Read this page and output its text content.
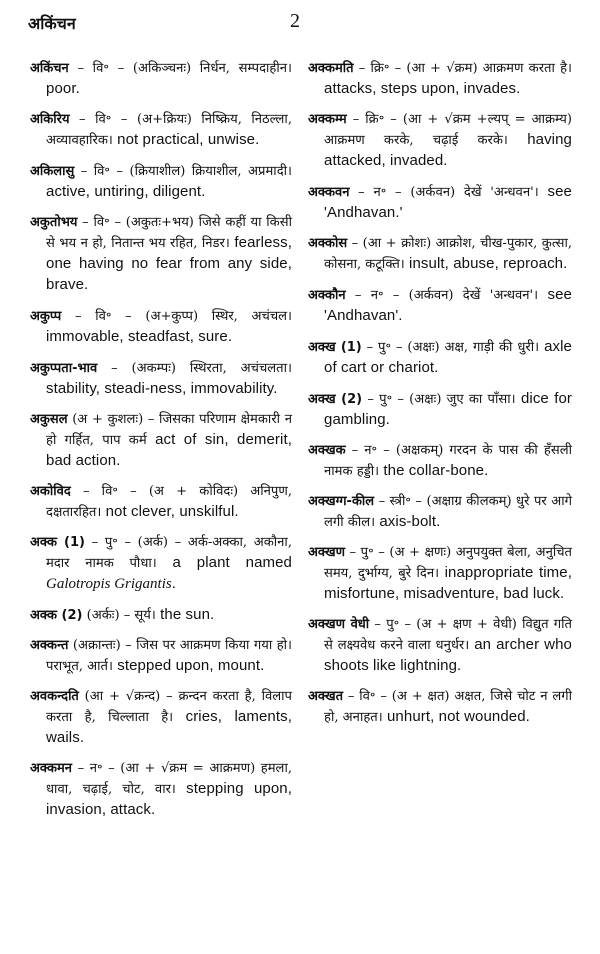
अकिंचन	2

अकिंचन – वि॰ – (अकिञ्चनः) निर्धन, सम्पदाहीन। poor.

अकिरिय – वि॰ – (अ+क्रियः) निष्क्रिय, निठल्ला, अव्यावहारिक। not practical, unwise.

अकिलासु – वि॰ – (क्रियाशील) क्रियाशील, अप्रमादी। active, untiring, diligent.

अकुतोभय – वि॰ – (अकुतः+भय) जिसे कहीं या किसी से भय न हो, नितान्त भय रहित, निडर। fearless, one having no fear from any side, brave.

अकुप्प – वि॰ – (अ+कुप्प) स्थिर, अचंचल। immovable, steadfast, sure.

अकुप्पता-भाव – (अकम्पः) स्थिरता, अचंचलता। stability, steadi-ness, immovability.

अकुसल (अ + कुशलः) – जिसका परिणाम क्षेमकारी न हो गर्हित, पाप कर्म act of sin, demerit, bad action.

अकोविद – वि॰ – (अ + कोविदः) अनिपुण, दक्षतारहित। not clever, unskilful.

अक्क (1) – पु॰ – (अर्क) – अर्क-अक्का, अकौना, मदार नामक पौधा। a plant named Galotropis Grigantis.

अक्क (2) (अर्कः) – सूर्य। the sun.

अक्कन्त (अक्रान्तः) – जिस पर आक्रमण किया गया हो। पराभूत, आर्त। stepped upon, mount.

अवकन्दति (आ + √क्रन्द) – क्रन्दन करता है, विलाप करता है, चिल्लाता है। cries, laments, wails.

अक्कमन – न॰ – (आ + √क्रम = आक्रमण) हमला, धावा, चढ़ाई, चोट, वार। stepping upon, invasion, attack.

अक्कमति – क्रि॰ – (आ + √क्रम) आक्रमण करता है। attacks, steps upon, invades.

अक्कम्म – क्रि॰ – (आ + √क्रम +ल्यप् = आक्रम्य) आक्रमण करके, चढ़ाई करके। having attacked, invaded.

अक्कवन – न॰ – (अर्कवन) देखें 'अन्धवन'। see 'Andhavan.'

अक्कोस – (आ + क्रोशः) आक्रोश, चीख-पुकार, कुत्सा, कोसना, कटूक्ति। insult, abuse, reproach.

अक्कौन – न॰ – (अर्कवन) देखें 'अन्धवन'। see 'Andhavan'.

अक्ख (1) – पु॰ – (अक्षः) अक्ष, गाड़ी की धुरी। axle of cart or chariot.

अक्ख (2) – पु॰ – (अक्षः) जुए का पाँसा। dice for gambling.

अक्खक – न॰ – (अक्षकम्) गरदन के पास की हँसली नामक हड्डी। the collar-bone.

अक्खग्ग-कील – स्त्री॰ – (अक्षाग्र कीलकम्) धुरे पर आगे लगी कील। axis-bolt.

अक्खण – पु॰ – (अ + क्षणः) अनुपयुक्त बेला, अनुचित समय, दुर्भाग्य, बुरे दिन। inappropriate time, misfortune, misadventure, bad luck.

अक्खण वेधी – पु॰ – (अ + क्षण + वेधी) विद्युत गति से लक्ष्यवेध करने वाला धनुर्धर। an archer who shoots like lightning.

अक्खत – वि॰ – (अ + क्षत) अक्षत, जिसे चोट न लगी हो, अनाहत। unhurt, not wounded.
